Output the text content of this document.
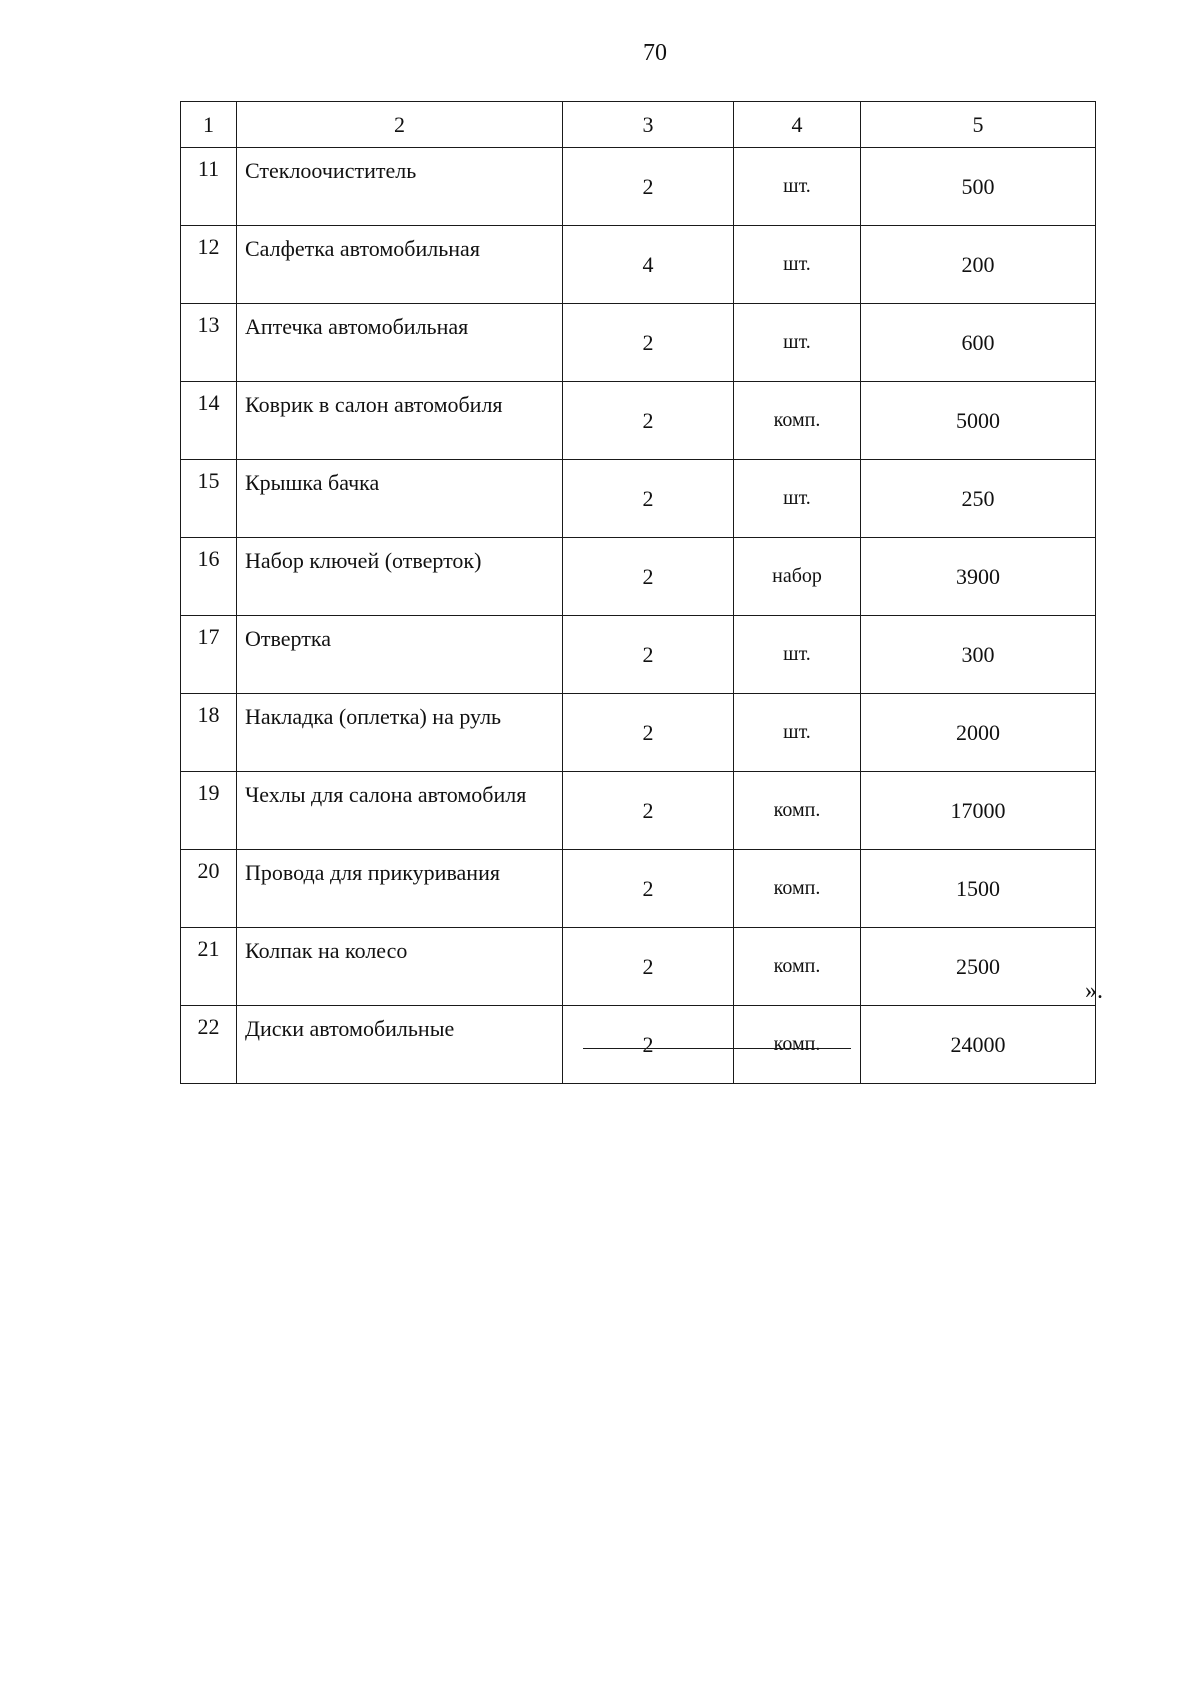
70
1	2	3	4	5
11	Стеклоочиститель	2	шт.	500
12	Салфетка автомобильная	4	шт.	200
13	Аптечка автомобильная	2	шт.	600
14	Коврик в салон автомобиля	2	комп.	5000
15	Крышка бачка	2	шт.	250
16	Набор ключей (отверток)	2	набор	3900
17	Отвертка	2	шт.	300
18	Накладка (оплетка) на руль	2	шт.	2000
19	Чехлы для салона автомобиля	2	комп.	17000
20	Провода для прикуривания	2	комп.	1500
21	Колпак на колесо	2	комп.	2500
22	Диски автомобильные	2	комп.	24000
».
